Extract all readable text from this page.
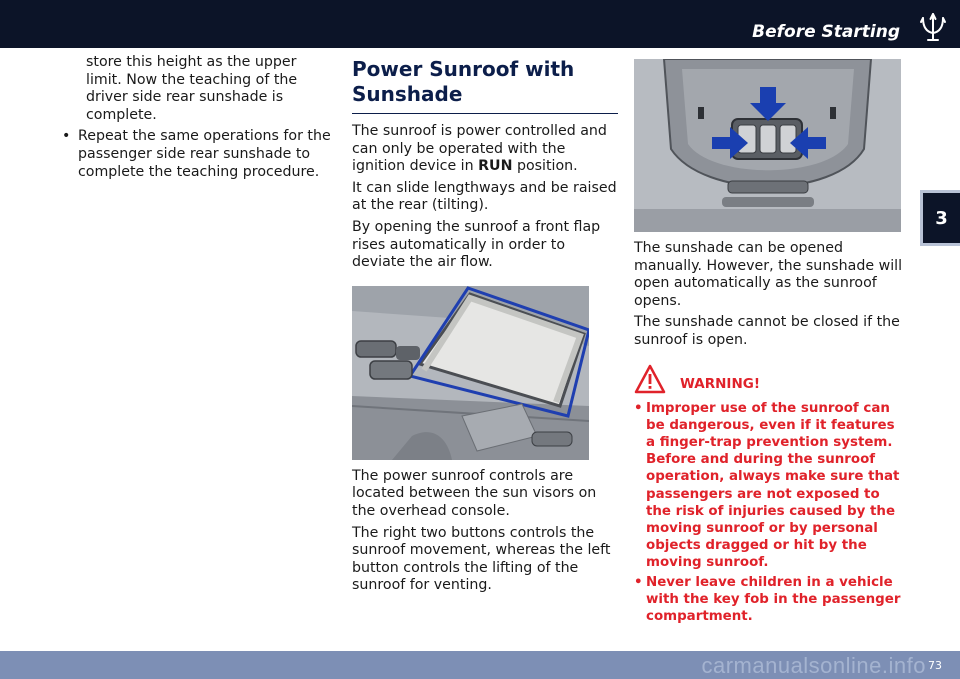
Before Starting
3

store this height as the upper limit. Now the teaching of the driver side rear sunshade is complete.

• Repeat the same operations for the passenger side rear sunshade to complete the teaching procedure.
Power Sunroof with Sunshade

The sunroof is power controlled and can only be operated with the ignition device in RUN position.

It can slide lengthways and be raised at the rear (tilting).

By opening the sunroof a front flap rises automatically in order to deviate the air flow.

The power sunroof controls are located between the sun visors on the overhead console.

The right two buttons controls the sunroof movement, whereas the left button controls the lifting of the sunroof for venting.

The sunshade can be opened manually. However, the sunshade will open automatically as the sunroof opens.

The sunshade cannot be closed if the sunroof is open.

WARNING!
• Improper use of the sunroof can be dangerous, even if it features a finger-trap prevention system. Before and during the sunroof operation, always make sure that passengers are not exposed to the risk of injuries caused by the moving sunroof or by personal objects dragged or hit by the moving sunroof.
• Never leave children in a vehicle with the key fob in the passenger compartment.
carmanualsonline.info 73
